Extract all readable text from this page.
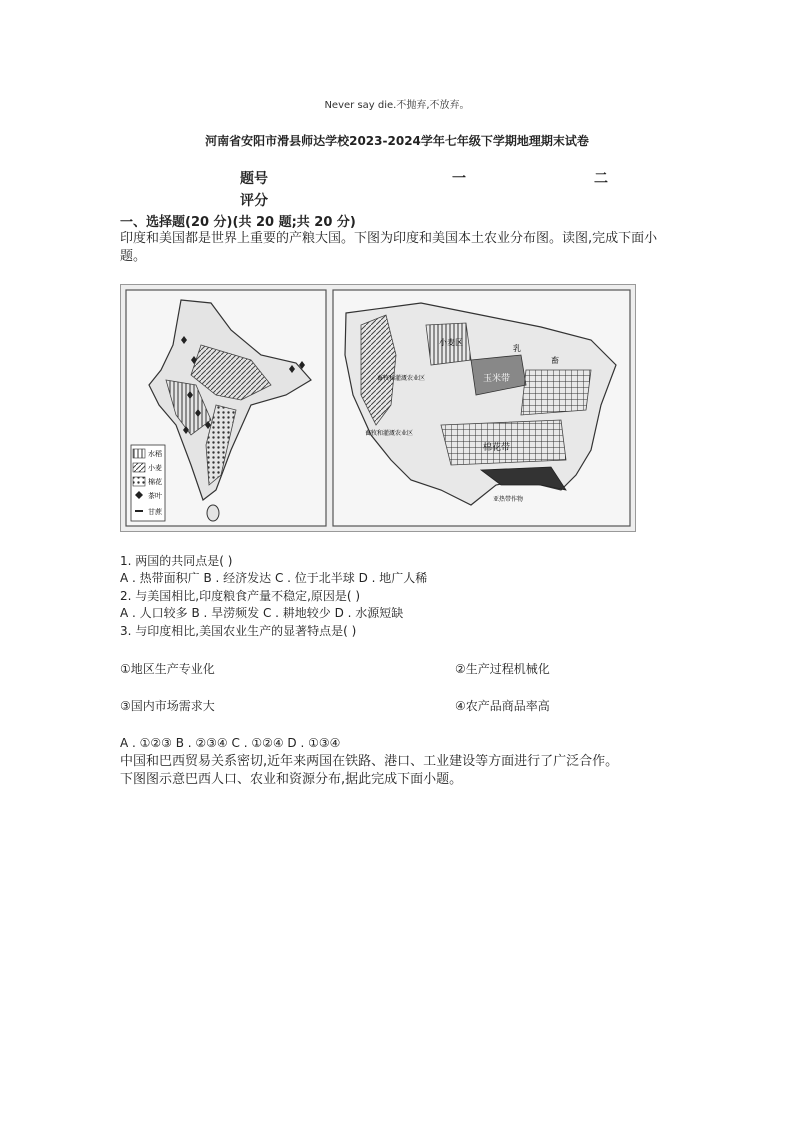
Never say die.不抛弃,不放弃。
河南省安阳市滑县师达学校2023-2024学年七年级下学期地理期末试卷
题号	一	二
评分
一、选择题(20 分)(共 20 题;共 20 分)
印度和美国都是世界上重要的产粮大国。下图为印度和美国本土农业分布图。读图,完成下面小题。
水稻
小麦
棉花
茶叶
甘蔗
小麦区
乳
畜
玉米带
棉花带
亚热带作物
畜牧和灌溉农业区
畜牧和灌溉农业区
1. 两国的共同点是( )
A . 热带面积广 B . 经济发达 C . 位于北半球 D . 地广人稀
2. 与美国相比,印度粮食产量不稳定,原因是( )
A . 人口较多 B . 旱涝频发 C . 耕地较少 D . 水源短缺
3. 与印度相比,美国农业生产的显著特点是( )
①地区生产专业化	②生产过程机械化
③国内市场需求大	④农产品商品率高
A . ①②③ B . ②③④ C . ①②④ D . ①③④
中国和巴西贸易关系密切,近年来两国在铁路、港口、工业建设等方面进行了广泛合作。
下图图示意巴西人口、农业和资源分布,据此完成下面小题。
